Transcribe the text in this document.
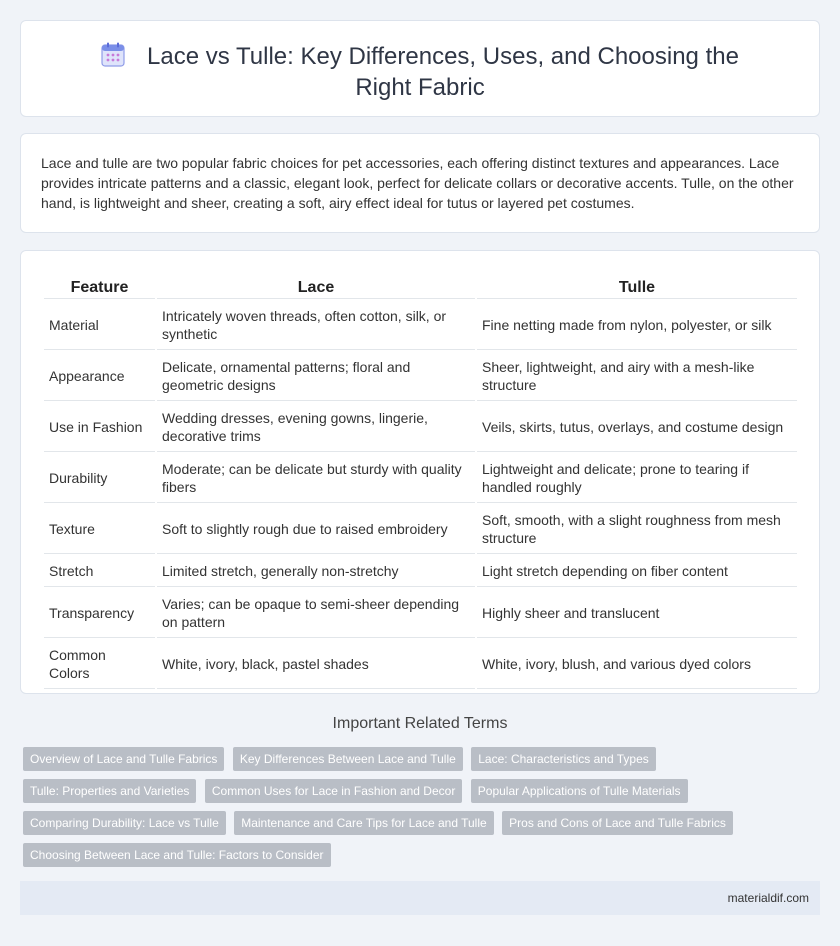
Lace vs Tulle: Key Differences, Uses, and Choosing the Right Fabric

Lace and tulle are two popular fabric choices for pet accessories, each offering distinct textures and appearances. Lace provides intricate patterns and a classic, elegant look, perfect for delicate collars or decorative accents. Tulle, on the other hand, is lightweight and sheer, creating a soft, airy effect ideal for tutus or layered pet costumes.

Feature	Lace	Tulle
Material	Intricately woven threads, often cotton, silk, or synthetic	Fine netting made from nylon, polyester, or silk
Appearance	Delicate, ornamental patterns; floral and geometric designs	Sheer, lightweight, and airy with a mesh-like structure
Use in Fashion	Wedding dresses, evening gowns, lingerie, decorative trims	Veils, skirts, tutus, overlays, and costume design
Durability	Moderate; can be delicate but sturdy with quality fibers	Lightweight and delicate; prone to tearing if handled roughly
Texture	Soft to slightly rough due to raised embroidery	Soft, smooth, with a slight roughness from mesh structure
Stretch	Limited stretch, generally non-stretchy	Light stretch depending on fiber content
Transparency	Varies; can be opaque to semi-sheer depending on pattern	Highly sheer and translucent
Common Colors	White, ivory, black, pastel shades	White, ivory, blush, and various dyed colors
Important Related Terms
Overview of Lace and Tulle Fabrics Key Differences Between Lace and Tulle Lace: Characteristics and Types Tulle: Properties and Varieties Common Uses for Lace in Fashion and Decor Popular Applications of Tulle Materials Comparing Durability: Lace vs Tulle Maintenance and Care Tips for Lace and Tulle Pros and Cons of Lace and Tulle Fabrics Choosing Between Lace and Tulle: Factors to Consider
materialdif.com
